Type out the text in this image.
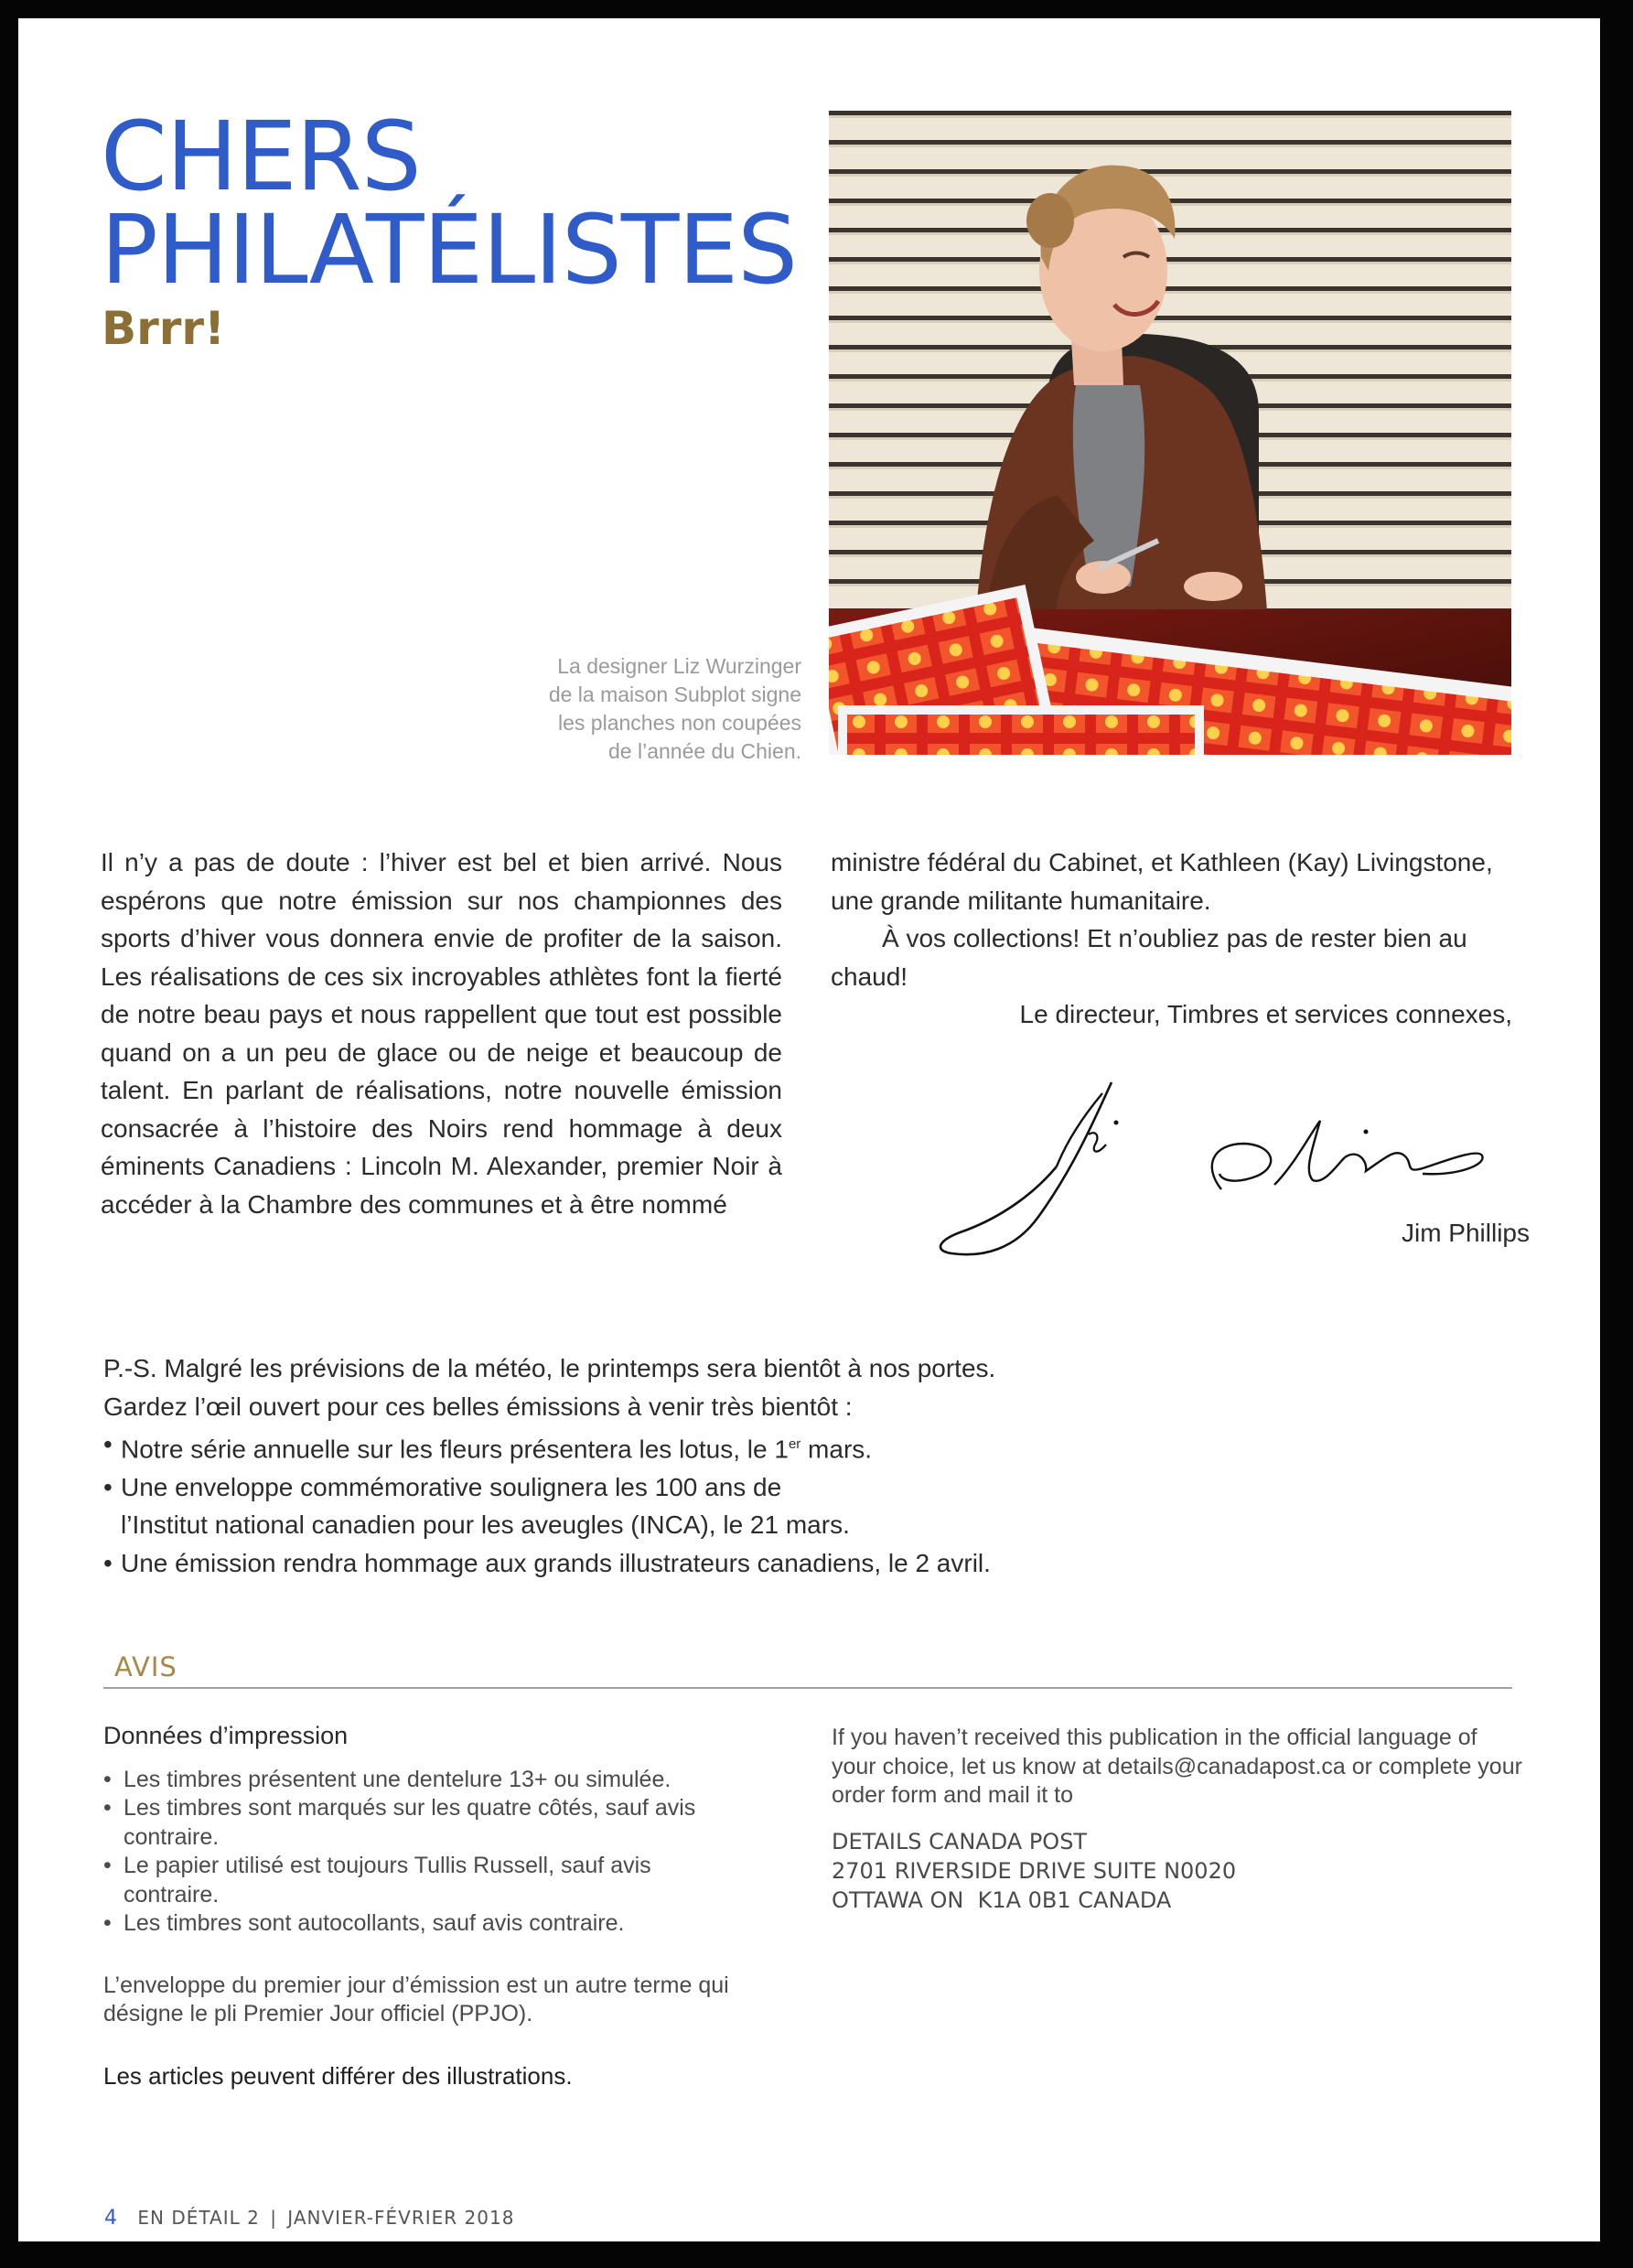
CHERS
PHILATÉLISTES
Brrr!
La designer Liz Wurzinger
de la maison Subplot signe
les planches non coupées
de l’année du Chien.

Il n’y a pas de doute : l’hiver est bel et bien arrivé. Nous espérons que notre émission sur nos championnes des sports d’hiver vous donnera envie de profiter de la saison. Les réalisations de ces six incroyables athlètes font la fierté de notre beau pays et nous rappellent que tout est possible quand on a un peu de glace ou de neige et beaucoup de talent. En parlant de réalisations, notre nouvelle émission consacrée à l’histoire des Noirs rend hommage à deux éminents Canadiens : Lincoln M. Alexander, premier Noir à accéder à la Chambre des communes et à être nommé

ministre fédéral du Cabinet, et Kathleen (Kay) Livingstone, une grande militante humanitaire.

À vos collections! Et n’oubliez pas de rester bien au chaud!

Le directeur, Timbres et services connexes,

Jim Phillips

P.-S. Malgré les prévisions de la météo, le printemps sera bientôt à nos portes.

Gardez l’œil ouvert pour ces belles émissions à venir très bientôt :

• Notre série annuelle sur les fleurs présentera les lotus, le 1er mars.
• Une enveloppe commémorative soulignera les 100 ans de
l’Institut national canadien pour les aveugles (INCA), le 21 mars.
• Une émission rendra hommage aux grands illustrateurs canadiens, le 2 avril.
AVIS
Données d’impression
• Les timbres présentent une dentelure 13+ ou simulée.
• Les timbres sont marqués sur les quatre côtés, sauf avis contraire.
• Le papier utilisé est toujours Tullis Russell, sauf avis contraire.
• Les timbres sont autocollants, sauf avis contraire.

L’enveloppe du premier jour d’émission est un autre terme qui désigne le pli Premier Jour officiel (PPJO).

Les articles peuvent différer des illustrations.

If you haven’t received this publication in the official language of your choice, let us know at details@canadapost.ca or complete your order form and mail it to

DETAILS CANADA POST
2701 RIVERSIDE DRIVE SUITE N0020
OTTAWA ON  K1A 0B1 CANADA
4 EN DÉTAIL 2 | JANVIER-FÉVRIER 2018
